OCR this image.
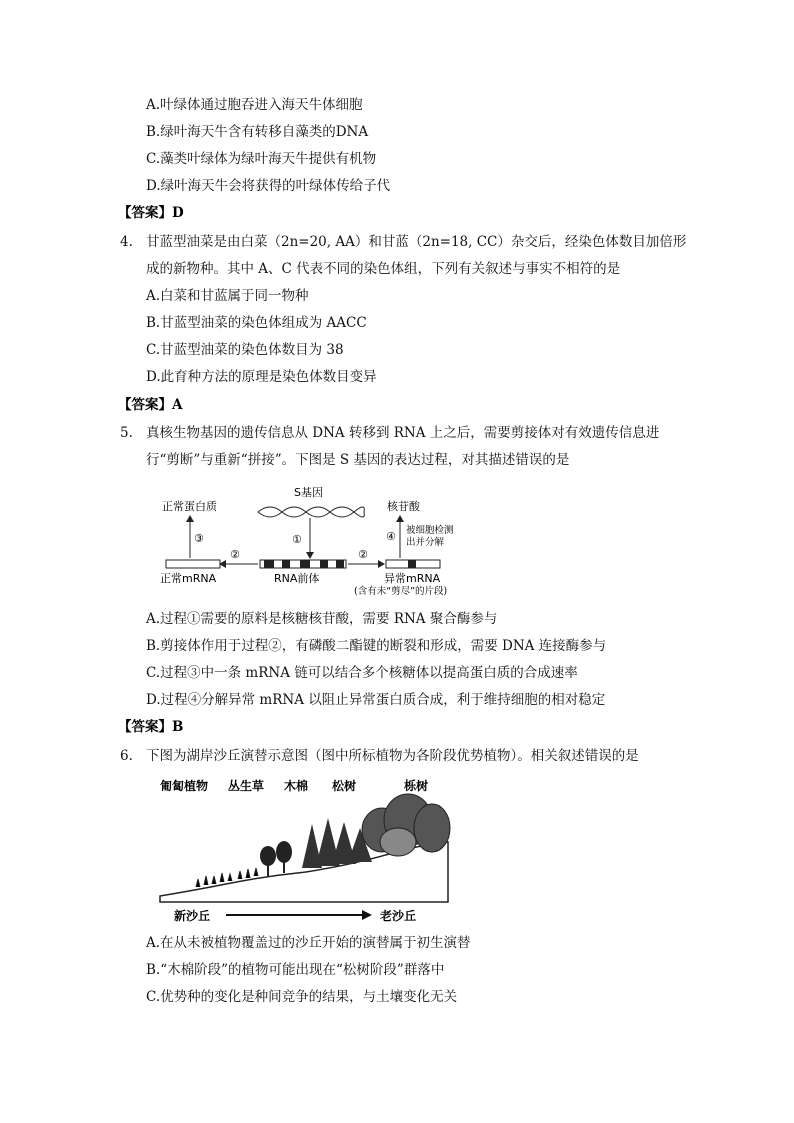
A.叶绿体通过胞吞进入海天牛体细胞
B.绿叶海天牛含有转移自藻类的DNA
C.藻类叶绿体为绿叶海天牛提供有机物
D.绿叶海天牛会将获得的叶绿体传给子代
【答案】D
4. 甘蓝型油菜是由白菜（2n=20, AA）和甘蓝（2n=18, CC）杂交后，经染色体数目加倍形
成的新物种。其中 A、C 代表不同的染色体组，下列有关叙述与事实不相符的是
A.白菜和甘蓝属于同一物种
B.甘蓝型油菜的染色体组成为 AACC
C.甘蓝型油菜的染色体数目为 38
D.此育种方法的原理是染色体数目变异
【答案】A
5. 真核生物基因的遗传信息从 DNA 转移到 RNA 上之后，需要剪接体对有效遗传信息进
行“剪断”与重新“拼接”。下图是 S 基因的表达过程，对其描述错误的是
S基因
①
RNA前体
②
正常mRNA
③
正常蛋白质
②
异常mRNA
(含有未“剪尽”的片段)
④
核苷酸
被细胞检测
出并分解
A.过程①需要的原料是核糖核苷酸，需要 RNA 聚合酶参与
B.剪接体作用于过程②，有磷酸二酯键的断裂和形成，需要 DNA 连接酶参与
C.过程③中一条 mRNA 链可以结合多个核糖体以提高蛋白质的合成速率
D.过程④分解异常 mRNA 以阻止异常蛋白质合成，利于维持细胞的相对稳定
【答案】B
6. 下图为湖岸沙丘演替示意图（图中所标植物为各阶段优势植物）。相关叙述错误的是
匍匐植物 丛生草 木棉 松树	栎树
新沙丘	老沙丘
A.在从未被植物覆盖过的沙丘开始的演替属于初生演替
B.“木棉阶段”的植物可能出现在“松树阶段”群落中
C.优势种的变化是种间竞争的结果，与土壤变化无关
